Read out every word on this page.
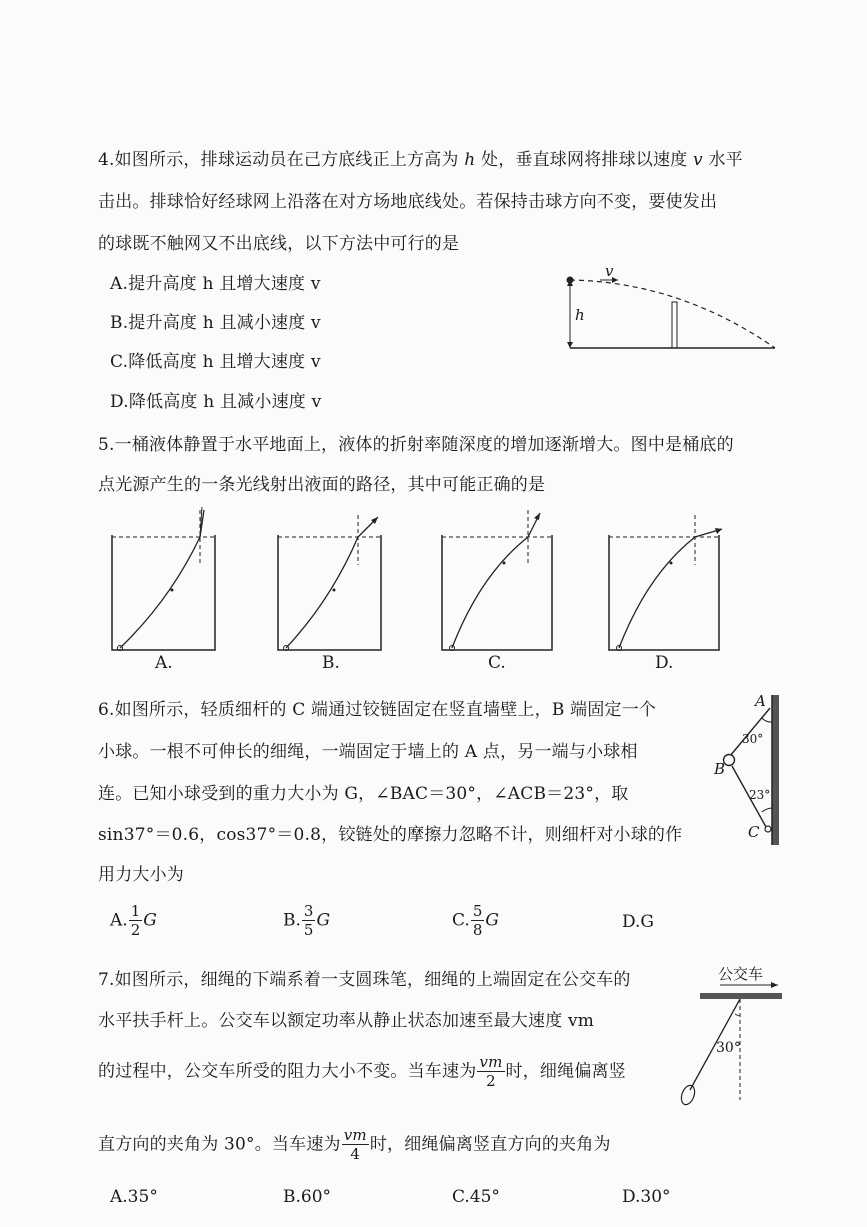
4.如图所示，排球运动员在己方底线正上方高为 h 处，垂直球网将排球以速度 v 水平
击出。排球恰好经球网上沿落在对方场地底线处。若保持击球方向不变，要使发出
的球既不触网又不出底线，以下方法中可行的是
A.提升高度 h 且增大速度 v
B.提升高度 h 且减小速度 v
C.降低高度 h 且增大速度 v
D.降低高度 h 且减小速度 v
v
h
5.一桶液体静置于水平地面上，液体的折射率随深度的增加逐渐增大。图中是桶底的
点光源产生的一条光线射出液面的路径，其中可能正确的是
A.	B.	C.	D.
6.如图所示，轻质细杆的 C 端通过铰链固定在竖直墙壁上，B 端固定一个
小球。一根不可伸长的细绳，一端固定于墙上的 A 点，另一端与小球相
连。已知小球受到的重力大小为 G，∠BAC＝30°，∠ACB＝23°，取
sin37°＝0.6，cos37°＝0.8，铰链处的摩擦力忽略不计，则细杆对小球的作
用力大小为
A. $\frac{1}{2}$ G	B. $\frac{3}{5}$ G	C. $\frac{5}{8}$ G	D.G
A
30°
B
23°
C
7.如图所示，细绳的下端系着一支圆珠笔，细绳的上端固定在公交车的
水平扶手杆上。公交车以额定功率从静止状态加速至最大速度 vm
的过程中，公交车所受的阻力大小不变。当车速为 $\frac{vm}{2}$ 时，细绳偏离竖
直方向的夹角为 30°。当车速为 $\frac{vm}{4}$ 时，细绳偏离竖直方向的夹角为
A.35°	B.60°	C.45°	D.30°
公交车
30°
